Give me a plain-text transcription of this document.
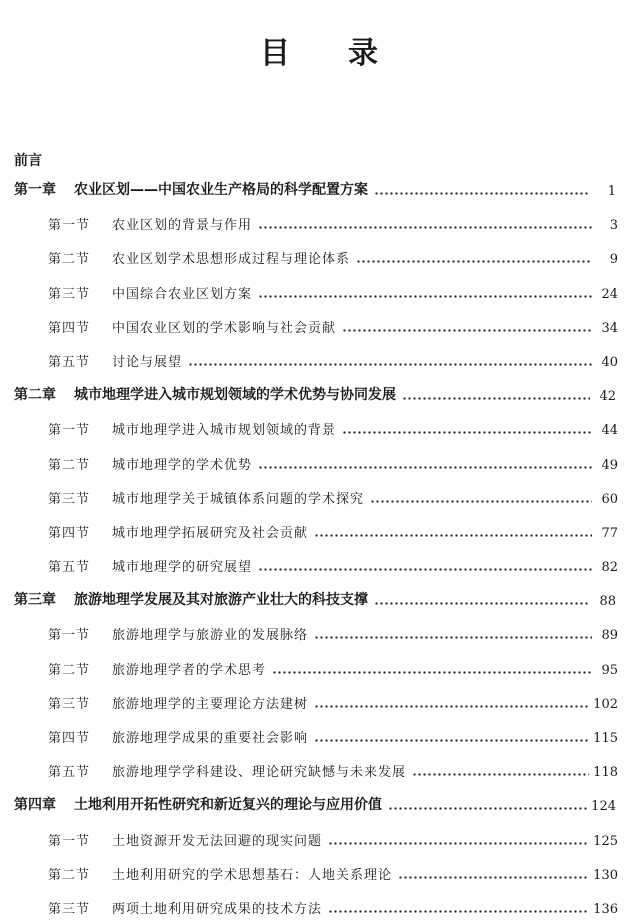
目 录
前言
第一章	农业区划——中国农业生产格局的科学配置方案	1
第一节	农业区划的背景与作用	3
第二节	农业区划学术思想形成过程与理论体系	9
第三节	中国综合农业区划方案	24
第四节	中国农业区划的学术影响与社会贡献	34
第五节	讨论与展望	40
第二章	城市地理学进入城市规划领域的学术优势与协同发展	42
第一节	城市地理学进入城市规划领域的背景	44
第二节	城市地理学的学术优势	49
第三节	城市地理学关于城镇体系问题的学术探究	60
第四节	城市地理学拓展研究及社会贡献	77
第五节	城市地理学的研究展望	82
第三章	旅游地理学发展及其对旅游产业壮大的科技支撑	88
第一节	旅游地理学与旅游业的发展脉络	89
第二节	旅游地理学者的学术思考	95
第三节	旅游地理学的主要理论方法建树	102
第四节	旅游地理学成果的重要社会影响	115
第五节	旅游地理学学科建设、理论研究缺憾与未来发展	118
第四章	土地利用开拓性研究和新近复兴的理论与应用价值	124
第一节	土地资源开发无法回避的现实问题	125
第二节	土地利用研究的学术思想基石：人地关系理论	130
第三节	两项土地利用研究成果的技术方法	136
